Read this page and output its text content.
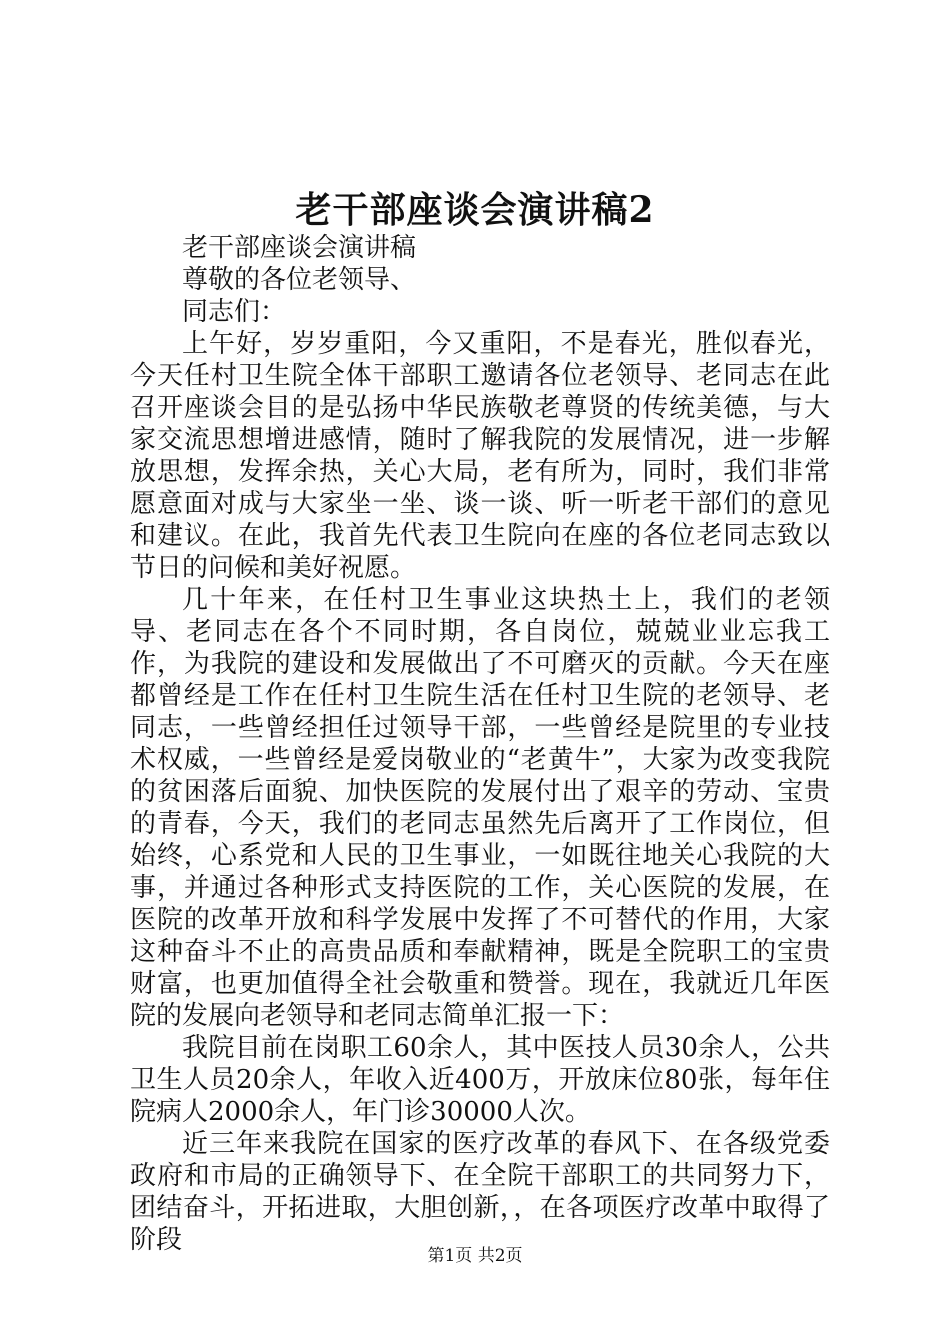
老干部座谈会演讲稿2

老干部座谈会演讲稿

尊敬的各位老领导、

同志们：

上午好，岁岁重阳，今又重阳，不是春光，胜似春光，今天任村卫生院全体干部职工邀请各位老领导、老同志在此召开座谈会目的是弘扬中华民族敬老尊贤的传统美德，与大家交流思想增进感情，随时了解我院的发展情况，进一步解放思想，发挥余热，关心大局，老有所为，同时，我们非常愿意面对成与大家坐一坐、谈一谈、听一听老干部们的意见和建议。在此，我首先代表卫生院向在座的各位老同志致以节日的问候和美好祝愿。

几十年来，在任村卫生事业这块热土上，我们的老领导、老同志在各个不同时期，各自岗位，兢兢业业忘我工作，为我院的建设和发展做出了不可磨灭的贡献。今天在座都曾经是工作在任村卫生院生活在任村卫生院的老领导、老同志，一些曾经担任过领导干部，一些曾经是院里的专业技术权威，一些曾经是爱岗敬业的“老黄牛”，大家为改变我院的贫困落后面貌、加快医院的发展付出了艰辛的劳动、宝贵的青春，今天，我们的老同志虽然先后离开了工作岗位，但始终，心系党和人民的卫生事业，一如既往地关心我院的大事，并通过各种形式支持医院的工作，关心医院的发展，在医院的改革开放和科学发展中发挥了不可替代的作用，大家这种奋斗不止的高贵品质和奉献精神，既是全院职工的宝贵财富，也更加值得全社会敬重和赞誉。现在，我就近几年医院的发展向老领导和老同志简单汇报一下：

我院目前在岗职工60余人，其中医技人员30余人，公共卫生人员20余人，年收入近400万，开放床位80张，每年住院病人2000余人，年门诊30000人次。

近三年来我院在国家的医疗改革的春风下、在各级党委政府和市局的正确领导下、在全院干部职工的共同努力下，团结奋斗，开拓进取，大胆创新，，在各项医疗改革中取得了阶段

第1页 共2页
